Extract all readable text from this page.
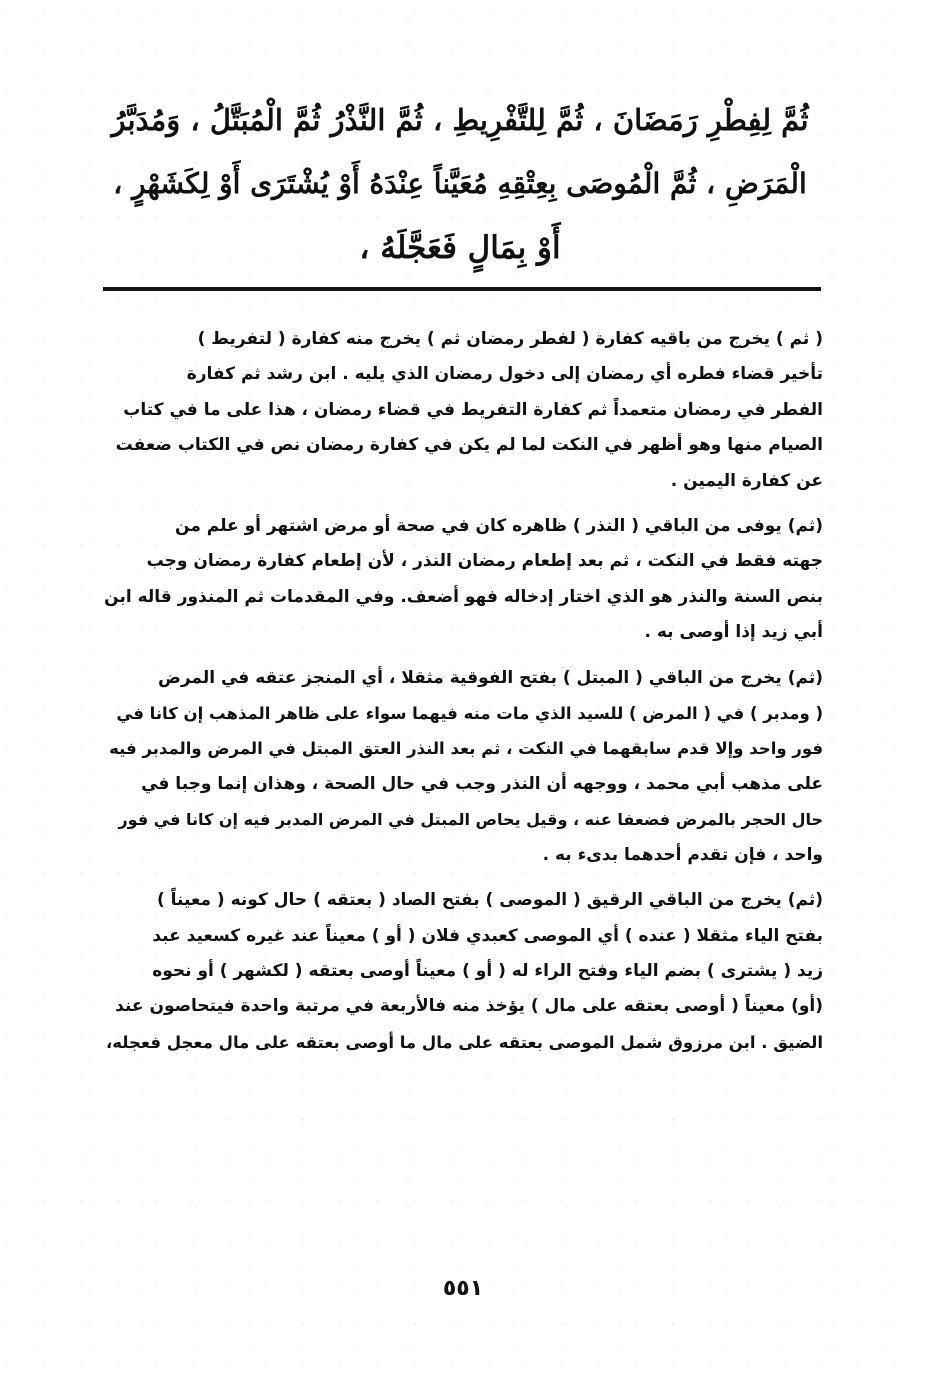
ثُمَّ لِفِطْرِ رَمَضَانَ ، ثُمَّ لِلتَّفْرِيطِ ، ثُمَّ النَّذْرُ ثُمَّ الْمُبَتَّلُ ، وَمُدَبَّرُ
الْمَرَضِ ، ثُمَّ الْمُوصَى بِعِتْقِهِ مُعَيَّناً عِنْدَهُ أَوْ يُشْتَرَى أَوْ لِكَشَهْرٍ ،
أَوْ بِمَالٍ فَعَجَّلَهُ ،

( ثم ) يخرج من باقيه كفارة ( لفطر رمضان ثم ) يخرج منه كفارة ( لتفريط )
تأخير قضاء فطره أي رمضان إلى دخول رمضان الذي يليه . ابن رشد ثم كفارة
الفطر في رمضان متعمداً ثم كفارة التفريط في قضاء رمضان ، هذا على ما في كتاب
الصيام منها وهو أظهر في النكت لما لم يكن في كفارة رمضان نص في الكتاب ضعفت
عن كفارة اليمين .

(ثم) يوفى من الباقي ( النذر ) ظاهره كان في صحة أو مرض اشتهر أو علم من
جهته فقط في النكت ، ثم بعد إطعام رمضان النذر ، لأن إطعام كفارة رمضان وجب
بنص السنة والنذر هو الذي اختار إدخاله فهو أضعف. وفي المقدمات ثم المنذور قاله ابن
أبي زيد إذا أوصى به .

(ثم) يخرج من الباقي ( المبتل ) بفتح الفوقية مثقلا ، أي المنجز عتقه في المرض
( ومدبر ) في ( المرض ) للسيد الذي مات منه فيهما سواء على ظاهر المذهب إن كانا في
فور واحد وإلا قدم سابقهما في النكت ، ثم بعد النذر العتق المبتل في المرض والمدبر فيه
على مذهب أبي محمد ، ووجهه أن النذر وجب في حال الصحة ، وهذان إنما وجبا في
حال الحجر بالمرض فضعفا عنه ، وقيل يحاص المبتل في المرض المدبر فيه إن كانا في فور
واحد ، فإن تقدم أحدهما بدىء به .

(ثم) يخرج من الباقي الرقيق ( الموصى ) بفتح الصاد ( بعتقه ) حال كونه ( معيناً )
بفتح الياء مثقلا ( عنده ) أي الموصى كعبدي فلان ( أو ) معيناً عند غيره كسعيد عبد
زيد ( يشترى ) بضم الياء وفتح الراء له ( أو ) معيناً أوصى بعتقه ( لكشهر ) أو نحوه
(أو) معيناً ( أوصى بعتقه على مال ) يؤخذ منه فالأربعة في مرتبة واحدة فيتحاصون عند
الضيق . ابن مرزوق شمل الموصى بعتقه على مال ما أوصى بعتقه على مال معجل فعجله،

٥٥١
